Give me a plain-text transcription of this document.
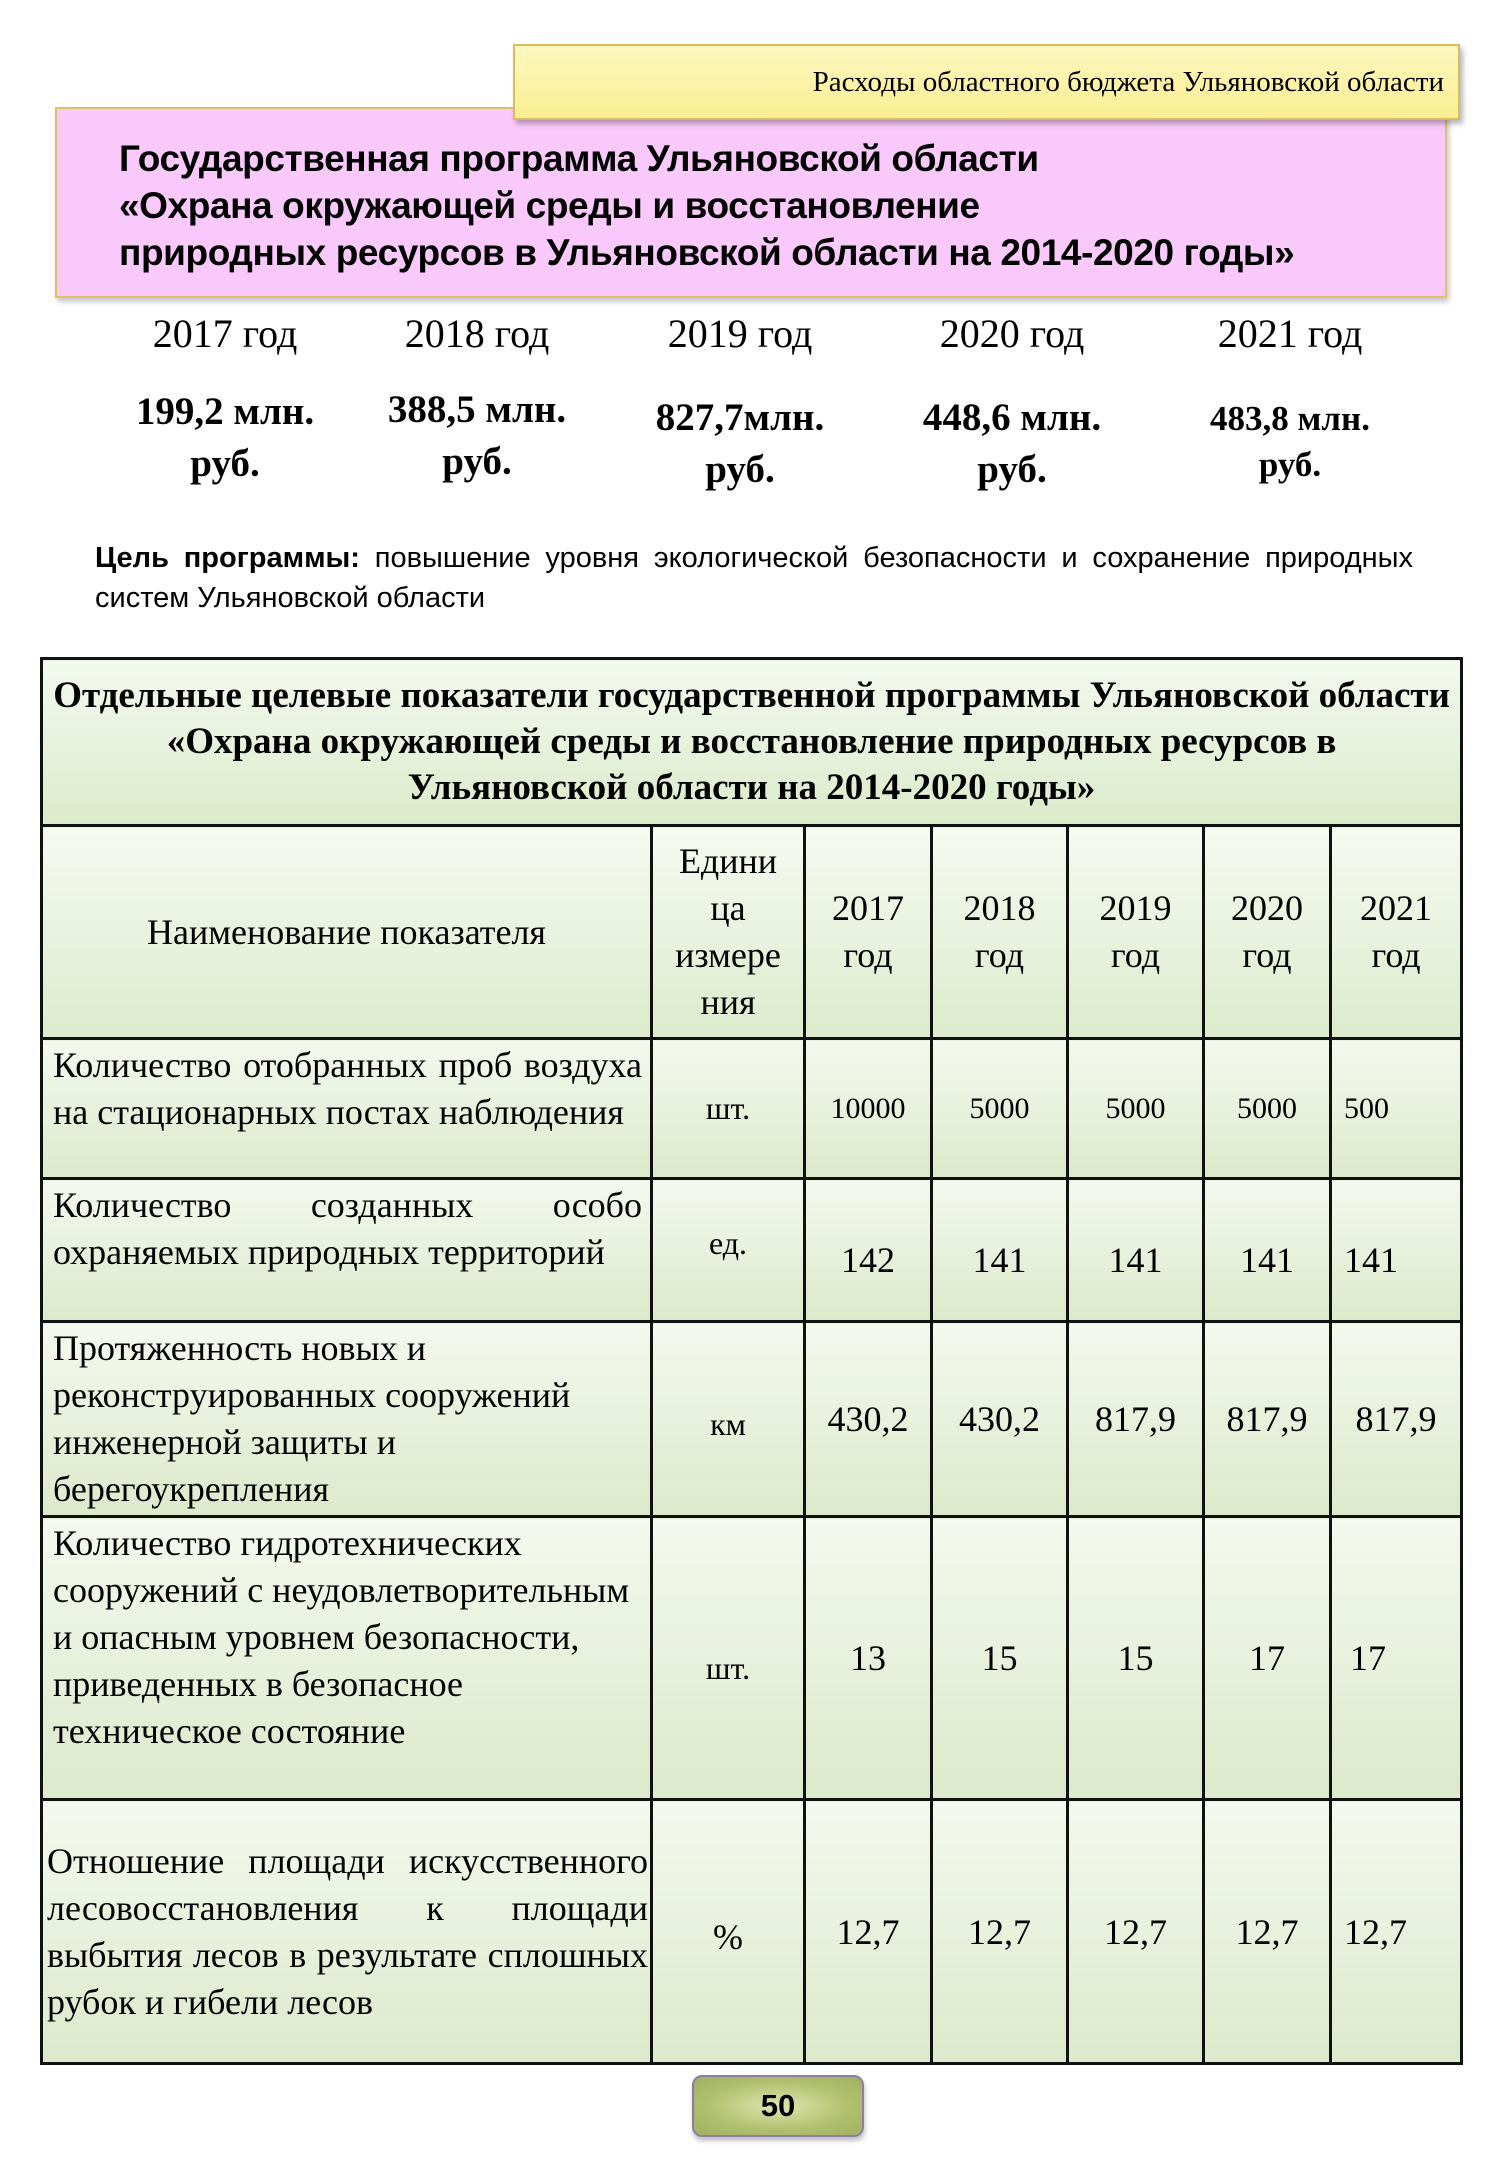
Расходы областного бюджета Ульяновской области
Государственная программа Ульяновской области
«Охрана окружающей среды и восстановление
природных ресурсов в Ульяновской области на 2014-2020 годы»
2017 год
199,2 млн.
руб.
2018 год
388,5 млн.
руб.
2019 год
827,7млн.
руб.
2020 год
448,6 млн.
руб.
2021 год
483,8 млн.
руб.
Цель программы: повышение уровня экологической безопасности и сохранение природных систем Ульяновской области
Отдельные целевые показатели государственной программы Ульяновской области «Охрана окружающей среды и восстановление природных ресурсов в Ульяновской области на 2014-2020 годы»						
Наименование показателя	Едини ца измере ния	2017 год	2018 год	2019 год	2020 год	2021 год
Количество отобранных проб воздуха на стационарных постах наблюдения	шт.	10000	5000	5000	5000	500
Количество созданных особо охраняемых природных территорий	ед.	142	141	141	141	141
Протяженность новых и реконструированных сооружений инженерной защиты и берегоукрепления	км	430,2	430,2	817,9	817,9	817,9
Количество гидротехнических сооружений с неудовлетворительным и опасным уровнем безопасности, приведенных в безопасное техническое состояние	шт.	13	15	15	17	17
Отношение площади искусственного лесовосстановления к площади выбытия лесов в результате сплошных рубок и гибели лесов	%	12,7	12,7	12,7	12,7	12,7
50
